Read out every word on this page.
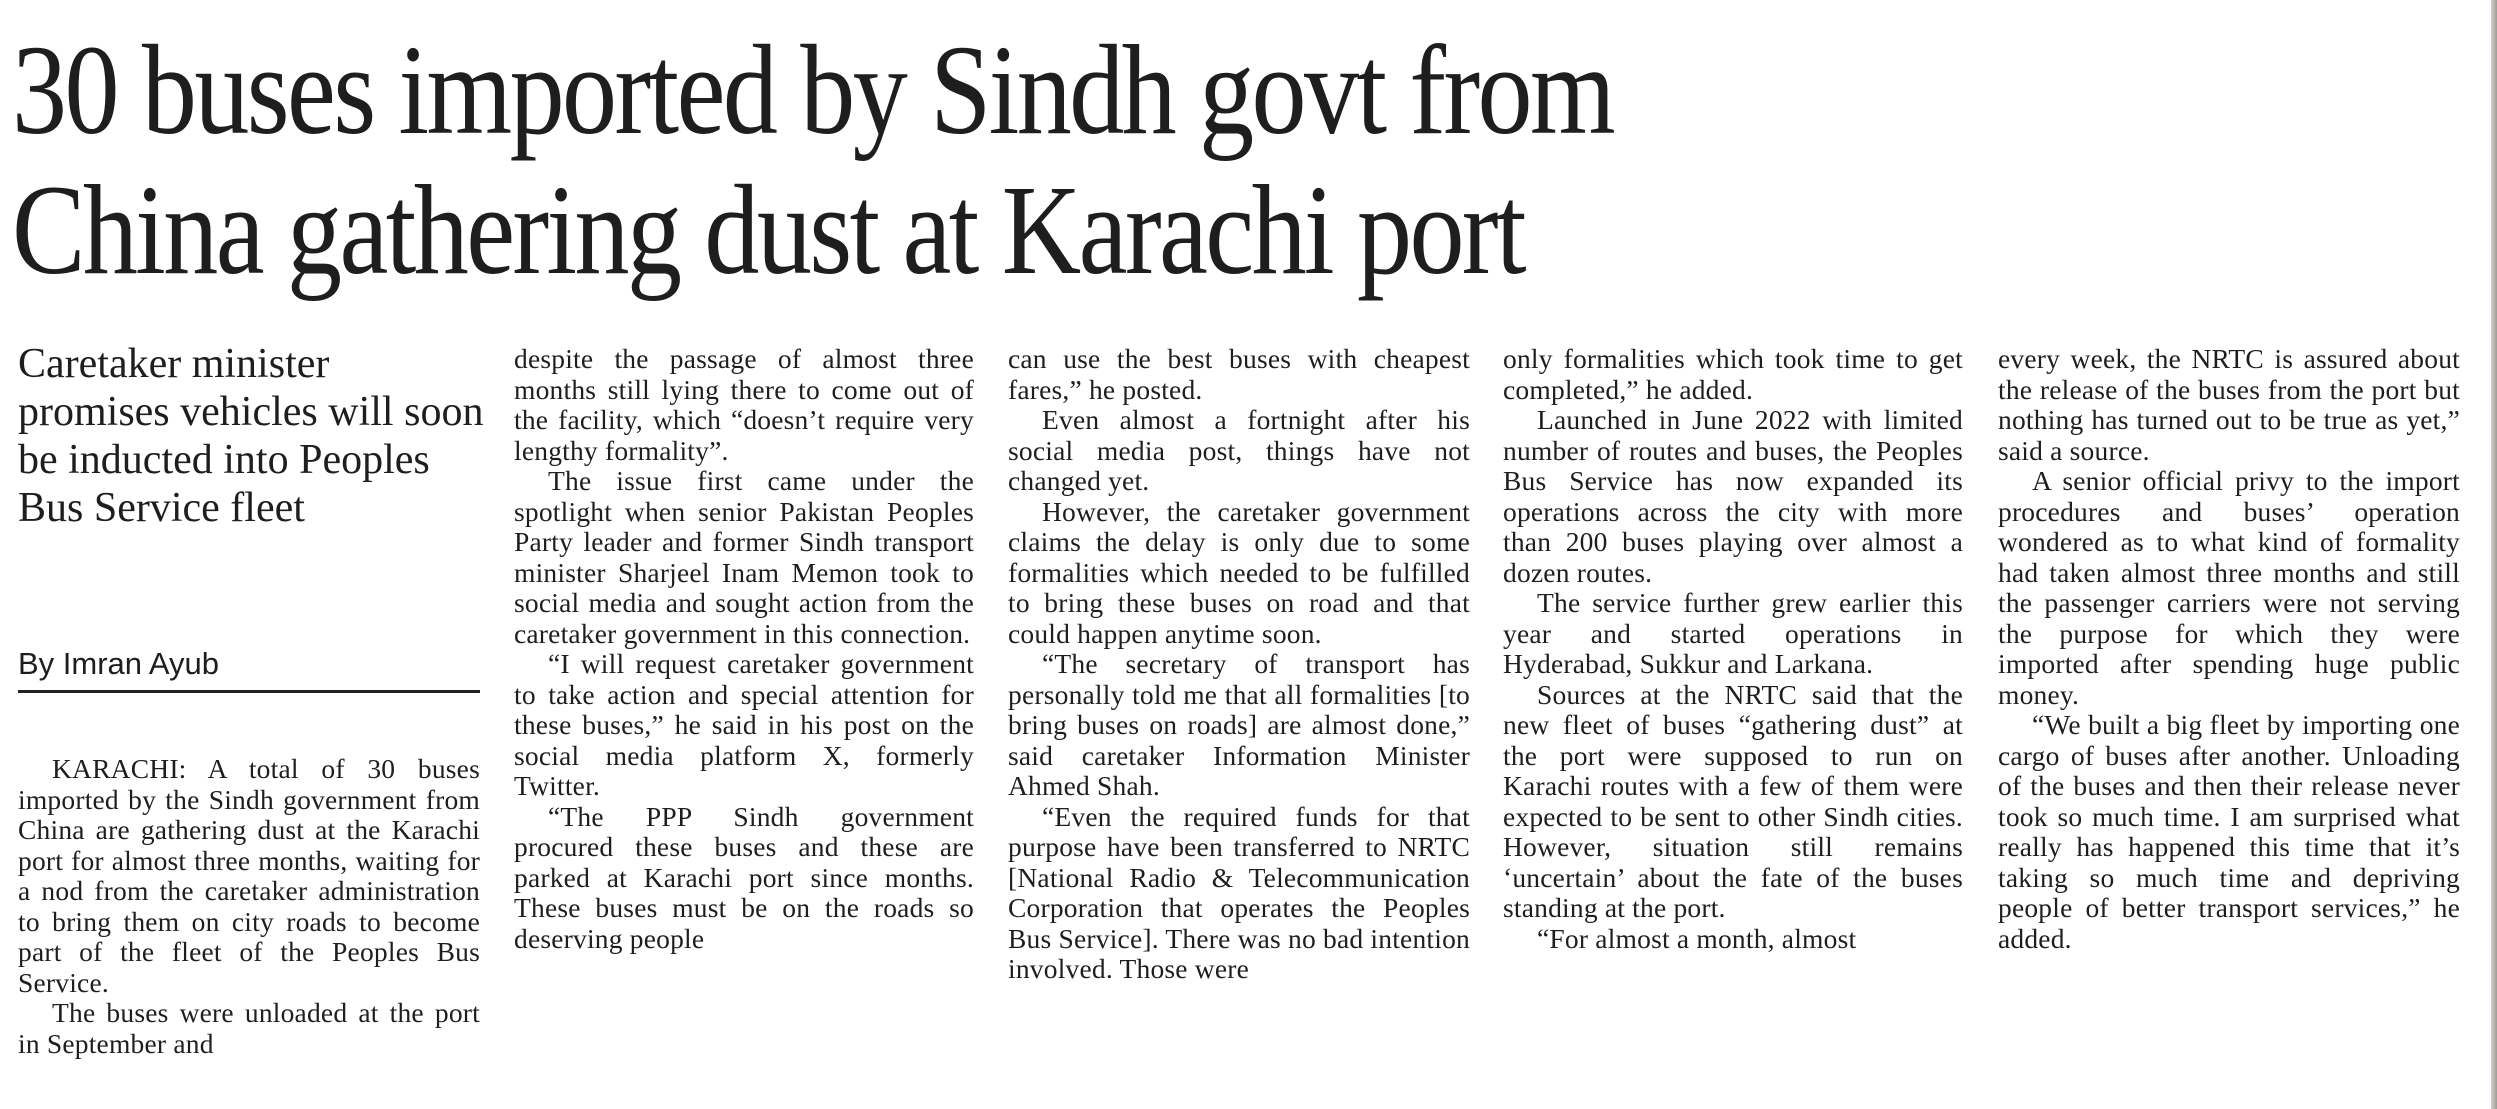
30 buses imported by Sindh govt from
China gathering dust at Karachi port
Caretaker minister promises vehicles will soon be inducted into Peoples Bus Service fleet
By Imran Ayub

KARACHI: A total of 30 buses imported by the Sindh government from China are gathering dust at the Karachi port for almost three months, waiting for a nod from the caretaker administration to bring them on city roads to become part of the fleet of the Peoples Bus Service.

The buses were unloaded at the port in September and

despite the passage of almost three months still lying there to come out of the facility, which “doesn’t require very lengthy formality”.

The issue first came under the spotlight when senior Pakistan Peoples Party leader and former Sindh transport minister Sharjeel Inam Memon took to social media and sought action from the caretaker government in this connection.

“I will request caretaker government to take action and special attention for these buses,” he said in his post on the social media platform X, formerly Twitter.

“The PPP Sindh government procured these buses and these are parked at Karachi port since months. These buses must be on the roads so deserving people

can use the best buses with cheapest fares,” he posted.

Even almost a fortnight after his social media post, things have not changed yet.

However, the caretaker government claims the delay is only due to some formalities which needed to be fulfilled to bring these buses on road and that could happen anytime soon.

“The secretary of transport has personally told me that all formalities [to bring buses on roads] are almost done,” said caretaker Information Minister Ahmed Shah.

“Even the required funds for that purpose have been transferred to NRTC [National Radio & Telecommunication Corporation that operates the Peoples Bus Service]. There was no bad intention involved. Those were

only formalities which took time to get completed,” he added.

Launched in June 2022 with limited number of routes and buses, the Peoples Bus Service has now expanded its operations across the city with more than 200 buses playing over almost a dozen routes.

The service further grew earlier this year and started operations in Hyderabad, Sukkur and Larkana.

Sources at the NRTC said that the new fleet of buses “gathering dust” at the port were supposed to run on Karachi routes with a few of them were expected to be sent to other Sindh cities. However, situation still remains ‘uncertain’ about the fate of the buses standing at the port.

“For almost a month, almost

every week, the NRTC is assured about the release of the buses from the port but nothing has turned out to be true as yet,” said a source.

A senior official privy to the import procedures and buses’ operation wondered as to what kind of formality had taken almost three months and still the passenger carriers were not serving the purpose for which they were imported after spending huge public money.

“We built a big fleet by importing one cargo of buses after another. Unloading of the buses and then their release never took so much time. I am surprised what really has happened this time that it’s taking so much time and depriving people of better transport services,” he added.
